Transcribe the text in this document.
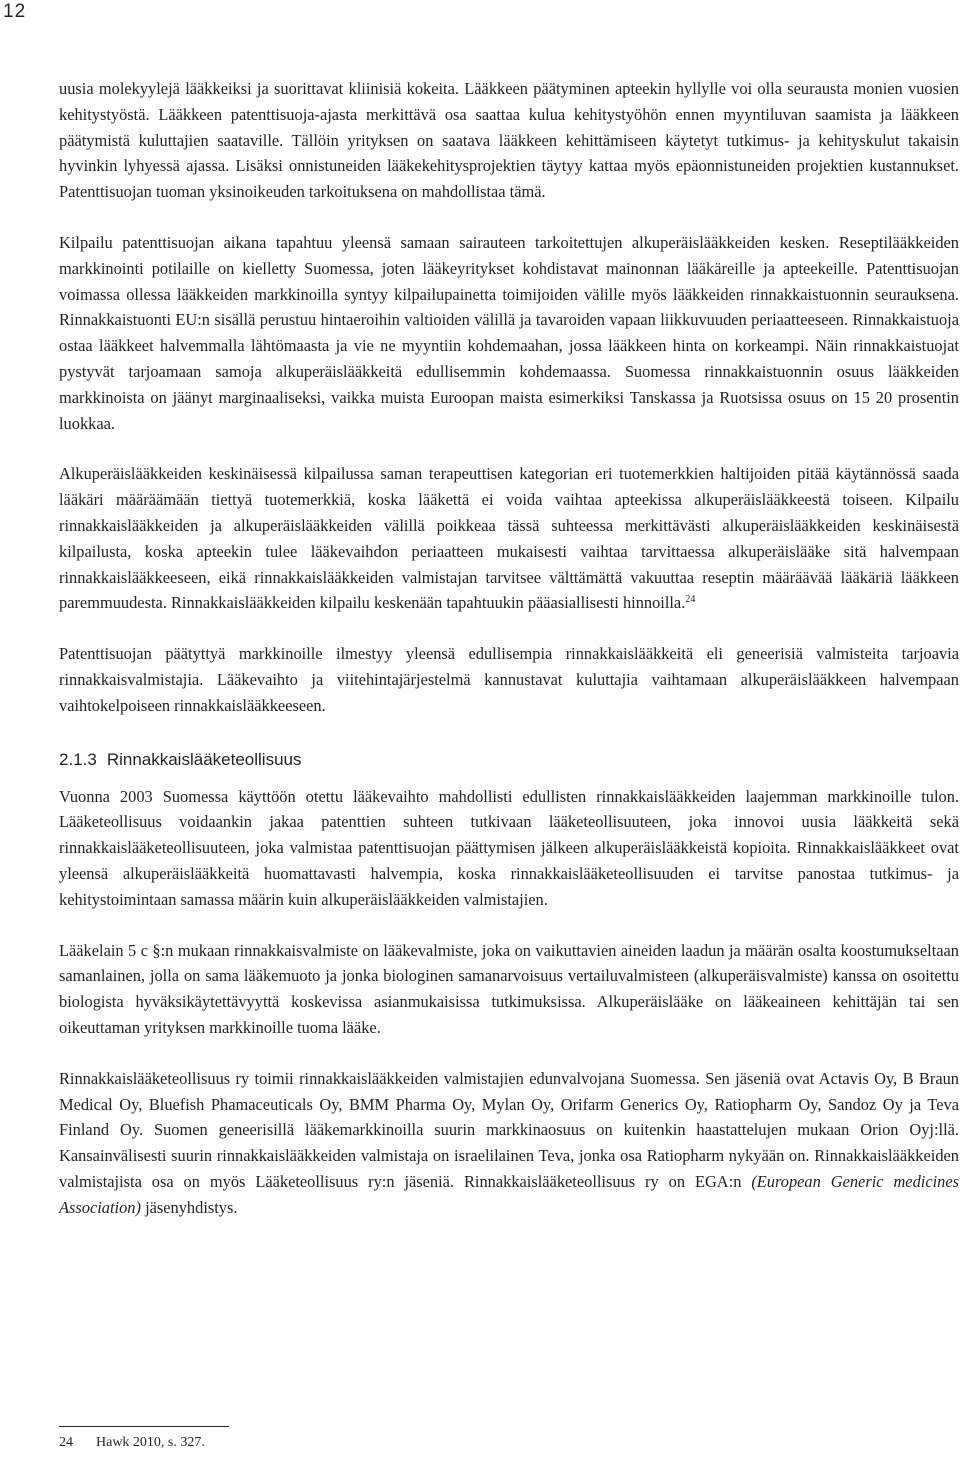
12

uusia molekyylejä lääkkeiksi ja suorittavat kliinisiä kokeita. Lääkkeen päätyminen apteekin hyllylle voi olla seurausta monien vuosien kehitystyöstä. Lääkkeen patenttisuoja-ajasta merkittävä osa saattaa kulua kehitystyöhön ennen myyntiluvan saamista ja lääkkeen päätymistä kuluttajien saataville. Tällöin yrityksen on saatava lääkkeen kehittämiseen käytetyt tutkimus- ja kehityskulut takaisin hyvinkin lyhyessä ajassa. Lisäksi onnistuneiden lääkekehitysprojektien täytyy kattaa myös epäonnistuneiden projektien kustannukset. Patenttisuojan tuoman yksinoikeuden tarkoituksena on mahdollistaa tämä.

Kilpailu patenttisuojan aikana tapahtuu yleensä samaan sairauteen tarkoitettujen alkuperäislääkkeiden kesken. Reseptilääkkeiden markkinointi potilaille on kielletty Suomessa, joten lääkeyritykset kohdistavat mainonnan lääkäreille ja apteekeille. Patenttisuojan voimassa ollessa lääkkeiden markkinoilla syntyy kilpailupainetta toimijoiden välille myös lääkkeiden rinnakkaistuonnin seurauksena. Rinnakkaistuonti EU:n sisällä perustuu hintaeroihin valtioiden välillä ja tavaroiden vapaan liikkuvuuden periaatteeseen. Rinnakkaistuoja ostaa lääkkeet halvemmalla lähtömaasta ja vie ne myyntiin kohdemaahan, jossa lääkkeen hinta on korkeampi. Näin rinnakkaistuojat pystyvät tarjoamaan samoja alkuperäislääkkeitä edullisemmin kohdemaassa. Suomessa rinnakkaistuonnin osuus lääkkeiden markkinoista on jäänyt marginaaliseksi, vaikka muista Euroopan maista esimerkiksi Tanskassa ja Ruotsissa osuus on 15 20 prosentin luokkaa.

Alkuperäislääkkeiden keskinäisessä kilpailussa saman terapeuttisen kategorian eri tuotemerkkien haltijoiden pitää käytännössä saada lääkäri määräämään tiettyä tuotemerkkiä, koska lääkettä ei voida vaihtaa apteekissa alkuperäislääkkeestä toiseen. Kilpailu rinnakkaislääkkeiden ja alkuperäislääkkeiden välillä poikkeaa tässä suhteessa merkittävästi alkuperäislääkkeiden keskinäisestä kilpailusta, koska apteekin tulee lääkevaihdon periaatteen mukaisesti vaihtaa tarvittaessa alkuperäislääke sitä halvempaan rinnakkaislääkkeeseen, eikä rinnakkaislääkkeiden valmistajan tarvitsee välttämättä vakuuttaa reseptin määräävää lääkäriä lääkkeen paremmuudesta. Rinnakkaislääkkeiden kilpailu keskenään tapahtuukin pääasiallisesti hinnoilla.$^{24}$

Patenttisuojan päätyttyä markkinoille ilmestyy yleensä edullisempia rinnakkaislääkkeitä eli geneerisiä valmisteita tarjoavia rinnakkaisvalmistajia. Lääkevaihto ja viitehintajärjestelmä kannustavat kuluttajia vaihtamaan alkuperäislääkkeen halvempaan vaihtokelpoiseen rinnakkaislääkkeeseen.

2.1.3 Rinnakkaislääketeollisuus

Vuonna 2003 Suomessa käyttöön otettu lääkevaihto mahdollisti edullisten rinnakkaislääkkeiden laajemman markkinoille tulon. Lääketeollisuus voidaankin jakaa patenttien suhteen tutkivaan lääketeollisuuteen, joka innovoi uusia lääkkeitä sekä rinnakkaislääketeollisuuteen, joka valmistaa patenttisuojan päättymisen jälkeen alkuperäislääkkeistä kopioita. Rinnakkaislääkkeet ovat yleensä alkuperäislääkkeitä huomattavasti halvempia, koska rinnakkaislääketeollisuuden ei tarvitse panostaa tutkimus- ja kehitystoimintaan samassa määrin kuin alkuperäislääkkeiden valmistajien.

Lääkelain 5 c §:n mukaan rinnakkaisvalmiste on lääkevalmiste, joka on vaikuttavien aineiden laadun ja määrän osalta koostumukseltaan samanlainen, jolla on sama lääkemuoto ja jonka biologinen samanarvoisuus vertailuvalmisteen (alkuperäisvalmiste) kanssa on osoitettu biologista hyväksikäytettävyyttä koskevissa asianmukaisissa tutkimuksissa. Alkuperäislääke on lääkeaineen kehittäjän tai sen oikeuttaman yrityksen markkinoille tuoma lääke.

Rinnakkaislääketeollisuus ry toimii rinnakkaislääkkeiden valmistajien edunvalvojana Suomessa. Sen jäseniä ovat Actavis Oy, B Braun Medical Oy, Bluefish Phamaceuticals Oy, BMM Pharma Oy, Mylan Oy, Orifarm Generics Oy, Ratiopharm Oy, Sandoz Oy ja Teva Finland Oy. Suomen geneerisillä lääkemarkkinoilla suurin markkinaosuus on kuitenkin haastattelujen mukaan Orion Oyj:llä. Kansainvälisesti suurin rinnakkaislääkkeiden valmistaja on israelilainen Teva, jonka osa Ratiopharm nykyään on. Rinnakkaislääkkeiden valmistajista osa on myös Lääketeollisuus ry:n jäseniä. Rinnakkaislääketeollisuus ry on EGA:n (European Generic medicines Association) jäsenyhdistys.

24 Hawk 2010, s. 327.
